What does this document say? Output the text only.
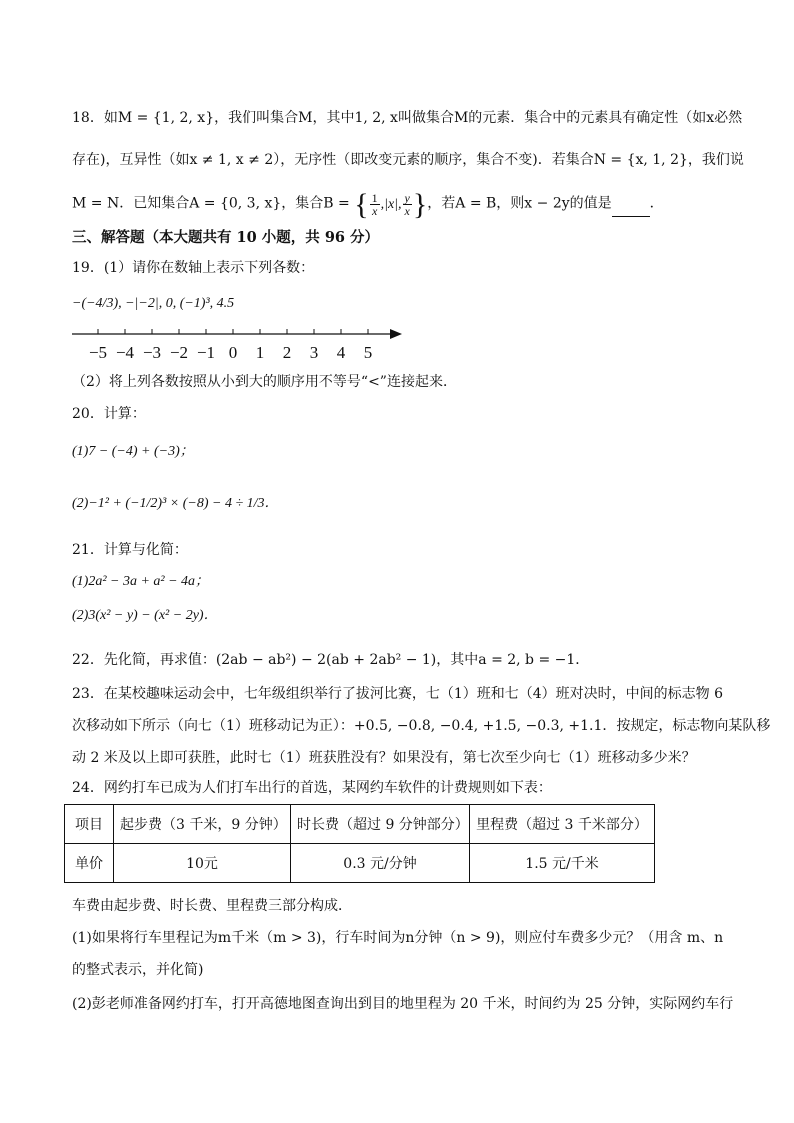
18．如M = {1, 2, x}，我们叫集合M，其中1, 2, x叫做集合M的元素．集合中的元素具有确定性（如x必然
存在)，互异性（如x ≠ 1, x ≠ 2），无序性（即改变元素的顺序，集合不变)．若集合N = {x, 1, 2}，我们说
M = N．已知集合A = {0, 3, x}，集合B = { $\frac{1}{x} ,|x|$, $\frac{y}{x}$ }，若A = B，则x − 2y的值是	．
三、解答题（本大题共有 10 小题，共 96 分）
19．(1）请你在数轴上表示下列各数：
−(−4/3), −|−2|, 0, (−1)³, 4.5
−5 −4 −3 −2 −1 0 1 2 3 4 5
（2）将上列各数按照从小到大的顺序用不等号“<”连接起来．
20．计算：
(1)7 − (−4) + (−3)；
(2)−1² + (−1/2)³ × (−8) − 4 ÷ 1/3．
21．计算与化简：
(1)2a² − 3a + a² − 4a；
(2)3(x² − y) − (x² − 2y)．
22．先化简，再求值：(2ab − ab²) − 2(ab + 2ab² − 1)，其中a = 2, b = −1．
23．在某校趣味运动会中，七年级组织举行了拔河比赛，七（1）班和七（4）班对决时，中间的标志物 6
次移动如下所示（向七（1）班移动记为正）：+0.5, −0.8, −0.4, +1.5, −0.3, +1.1．按规定，标志物向某队移
动 2 米及以上即可获胜，此时七（1）班获胜没有？如果没有，第七次至少向七（1）班移动多少米？
24．网约打车已成为人们打车出行的首选，某网约车软件的计费规则如下表：
项目	起步费（3 千米，9 分钟）	时长费（超过 9 分钟部分）	里程费（超过 3 千米部分）
单价	10元	0.3 元/分钟	1.5 元/千米
车费由起步费、时长费、里程费三部分构成．
(1)如果将行车里程记为m千米（m > 3)，行车时间为n分钟（n > 9)，则应付车费多少元？（用含 m、n
的整式表示，并化简)
(2)彭老师准备网约打车，打开高德地图查询出到目的地里程为 20 千米，时间约为 25 分钟，实际网约车行
